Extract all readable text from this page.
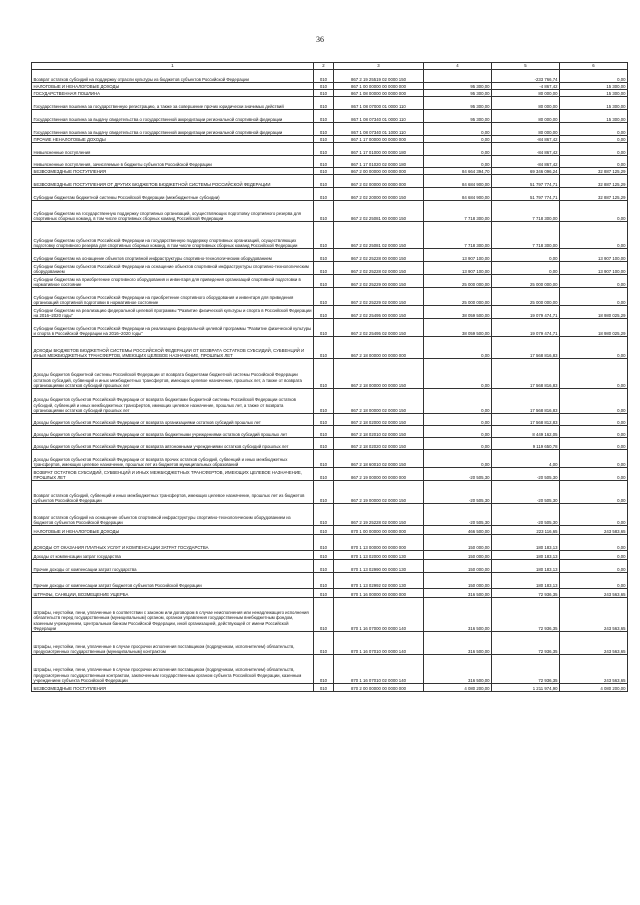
36
1	2	3	4	5	6
Возврат остатков субсидий на поддержку отрасли культуры из бюджетов субъектов Российской Федерации	010	867 2 19 25519 02 0000 150		-233 766,74	0,00
НАЛОГОВЫЕ И НЕНАЛОГОВЫЕ ДОХОДЫ	010	867 1 00 00000 00 0000 000	95 300,00	-4 867,42	15 300,00
ГОСУДАРСТВЕННАЯ ПОШЛИНА	010	867 1 08 00000 00 0000 000	95 300,00	80 000,00	15 300,00
Государственная пошлина за государственную регистрацию, а также за совершение прочих юридически значимых действий	010	867 1 08 07000 01 0000 110	95 300,00	80 000,00	15 300,00
Государственная пошлина за выдачу свидетельства о государственной аккредитации региональной спортивной федерации	010	867 1 08 07340 01 0000 110	95 300,00	80 000,00	15 300,00
Государственная пошлина за выдачу свидетельства о государственной аккредитации региональной спортивной федерации	010	867 1 08 07340 01 1000 110	0,00	80 000,00	0,00
ПРОЧИЕ НЕНАЛОГОВЫЕ ДОХОДЫ	010	867 1 17 00000 00 0000 000	0,00	-84 867,42	0,00
Невыясненные поступления	010	867 1 17 01000 00 0000 180	0,00	-84 867,42	0,00
Невыясненные поступления, зачисляемые в бюджеты субъектов Российской Федерации	010	867 1 17 01020 02 0000 180	0,00	-84 867,42	0,00
БЕЗВОЗМЕЗДНЫЕ ПОСТУПЛЕНИЯ	010	867 2 00 00000 00 0000 000	84 664 394,70	69 346 096,24	32 887 125,29
БЕЗВОЗМЕЗДНЫЕ ПОСТУПЛЕНИЯ ОТ ДРУГИХ БЮДЖЕТОВ БЮДЖЕТНОЙ СИСТЕМЫ РОССИЙСКОЙ ФЕДЕРАЦИИ	010	867 2 02 00000 00 0000 000	84 684 900,00	51 797 774,71	32 887 125,29
Субсидии бюджетам бюджетной системы Российской Федерации (межбюджетные субсидии)	010	867 2 02 20000 00 0000 150	84 684 900,00	51 797 774,71	32 887 125,29
Субсидии бюджетам на государственную поддержку спортивных организаций, осуществляющих подготовку спортивного резерва для спортивных сборных команд, в том числе спортивных сборных команд Российской Федерации	010	867 2 02 25081 00 0000 150	7 718 300,00	7 718 300,00	0,00
Субсидии бюджетам субъектов Российской Федерации на государственную поддержку спортивных организаций, осуществляющих подготовку спортивного резерва для спортивных сборных команд, в том числе спортивных сборных команд Российской Федерации	010	867 2 02 25081 02 0000 150	7 718 300,00	7 718 300,00	0,00
Субсидии бюджетам на оснащение объектов спортивной инфраструктуры спортивно-технологическим оборудованием	010	867 2 02 25228 00 0000 150	13 907 100,00	0,00	13 907 100,00
Субсидии бюджетам субъектов Российской Федерации на оснащение объектов спортивной инфраструктуры спортивно-технологическим оборудованием	010	867 2 02 25228 02 0000 150	13 907 100,00	0,00	13 907 100,00
Субсидии бюджетам на приобретение спортивного оборудования и инвентаря для приведения организаций спортивной подготовки в нормативное состояние	010	867 2 02 25229 00 0000 150	25 000 000,00	25 000 000,00	0,00
Субсидии бюджетам субъектов Российской Федерации на приобретение спортивного оборудования и инвентаря для приведения организаций спортивной подготовки в нормативное состояние	010	867 2 02 25229 02 0000 150	25 000 000,00	25 000 000,00	0,00
Субсидии бюджетам на реализацию федеральной целевой программы "Развитие физической культуры и спорта в Российской Федерации на 2016–2020 годы"	010	867 2 02 25495 00 0000 150	38 059 500,00	19 079 474,71	18 980 025,29
Субсидии бюджетам субъектов Российской Федерации на реализацию федеральной целевой программы "Развитие физической культуры и спорта в Российской Федерации на 2016–2020 годы"	010	867 2 02 25495 02 0000 150	38 059 500,00	19 079 474,71	18 980 025,29
ДОХОДЫ БЮДЖЕТОВ БЮДЖЕТНОЙ СИСТЕМЫ РОССИЙСКОЙ ФЕДЕРАЦИИ ОТ ВОЗВРАТА ОСТАТКОВ СУБСИДИЙ, СУБВЕНЦИЙ И ИНЫХ МЕЖБЮДЖЕТНЫХ ТРАНСФЕРТОВ, ИМЕЮЩИХ ЦЕЛЕВОЕ НАЗНАЧЕНИЕ, ПРОШЛЫХ ЛЕТ	010	867 2 18 00000 00 0000 000	0,00	17 568 816,83	0,00
Доходы бюджетов бюджетной системы Российской Федерации от возврата бюджетами бюджетной системы Российской Федерации остатков субсидий, субвенций и иных межбюджетных трансфертов, имеющих целевое назначение, прошлых лет, а также от возврата организациями остатков субсидий прошлых лет	010	867 2 18 00000 00 0000 150	0,00	17 568 816,83	0,00
Доходы бюджетов субъектов Российской Федерации от возврата бюджетами бюджетной системы Российской Федерации остатков субсидий, субвенций и иных межбюджетных трансфертов, имеющих целевое назначение, прошлых лет, а также от возврата организациями остатков субсидий прошлых лет	010	867 2 18 00000 02 0000 150	0,00	17 568 816,83	0,00
Доходы бюджетов субъектов Российской Федерации от возврата организациями остатков субсидий прошлых лет	010	867 2 18 02000 02 0000 150	0,00	17 568 812,83	0,00
Доходы бюджетов субъектов Российской Федерации от возврата бюджетными учреждениями остатков субсидий прошлых лет	010	867 2 18 02010 02 0000 150	0,00	8 449 162,05	0,00
Доходы бюджетов субъектов Российской Федерации от возврата автономными учреждениями остатков субсидий прошлых лет	010	867 2 18 02020 02 0000 150	0,00	9 119 650,78	0,00
Доходы бюджетов субъектов Российской Федерации от возврата прочих остатков субсидий, субвенций и иных межбюджетных трансфертов, имеющих целевое назначение, прошлых лет из бюджетов муниципальных образований	010	867 2 18 60010 02 0000 150	0,00	4,00	0,00
ВОЗВРАТ ОСТАТКОВ СУБСИДИЙ, СУБВЕНЦИЙ И ИНЫХ МЕЖБЮДЖЕТНЫХ ТРАНСФЕРТОВ, ИМЕЮЩИХ ЦЕЛЕВОЕ НАЗНАЧЕНИЕ, ПРОШЛЫХ ЛЕТ	010	867 2 19 00000 00 0000 000	-20 505,30	-20 505,30	0,00
Возврат остатков субсидий, субвенций и иных межбюджетных трансфертов, имеющих целевое назначение, прошлых лет из бюджетов субъектов Российской Федерации	010	867 2 19 00000 02 0000 150	-20 505,30	-20 505,30	0,00
Возврат остатков субсидий на оснащение объектов спортивной инфраструктуры спортивно-технологическим оборудованием из бюджетов субъектов Российской Федерации	010	867 2 19 25228 02 0000 150	-20 505,30	-20 505,30	0,00
НАЛОГОВЫЕ И НЕНАЛОГОВЫЕ ДОХОДЫ	010	870 1 00 00000 00 0000 000	466 500,00	223 116,65	243 583,65
ДОХОДЫ ОТ ОКАЗАНИЯ ПЛАТНЫХ УСЛУГ И КОМПЕНСАЦИИ ЗАТРАТ ГОСУДАРСТВА	010	870 1 13 00000 00 0000 000	150 000,00	180 183,13	0,00
Доходы от компенсации затрат государства	010	870 1 13 02000 00 0000 130	150 000,00	180 183,13	0,00
Прочие доходы от компенсации затрат государства	010	870 1 13 02990 00 0000 130	150 000,00	180 183,13	0,00
Прочие доходы от компенсации затрат бюджетов субъектов Российской Федерации	010	870 1 13 02992 02 0000 130	150 000,00	180 183,13	0,00
ШТРАФЫ, САНКЦИИ, ВОЗМЕЩЕНИЕ УЩЕРБА	010	870 1 16 00000 00 0000 000	316 500,00	72 936,35	243 563,65
Штрафы, неустойки, пени, уплаченные в соответствии с законом или договором в случае неисполнения или ненадлежащего исполнения обязательств перед государственным (муниципальным) органом, органом управления государственным внебюджетным фондом, казенным учреждением, Центральным банком Российской Федерации, иной организацией, действующей от имени Российской Федерации	010	870 1 16 07000 00 0000 140	316 500,00	72 936,35	243 563,65
Штрафы, неустойки, пени, уплаченные в случае просрочки исполнения поставщиком (подрядчиком, исполнителем) обязательств, предусмотренных государственным (муниципальным) контрактом	010	870 1 16 07010 00 0000 140	316 500,00	72 936,35	243 563,65
Штрафы, неустойки, пени, уплаченные в случае просрочки исполнения поставщиком (подрядчиком, исполнителем) обязательств, предусмотренных государственным контрактом, заключенным государственным органом субъекта Российской Федерации, казенным учреждением субъекта Российской Федерации	010	870 1 16 07010 02 0000 140	316 500,00	72 936,35	243 563,65
БЕЗВОЗМЕЗДНЫЕ ПОСТУПЛЕНИЯ	010	870 2 00 00000 00 0000 000	4 080 200,00	1 211 974,90	4 080 200,00
